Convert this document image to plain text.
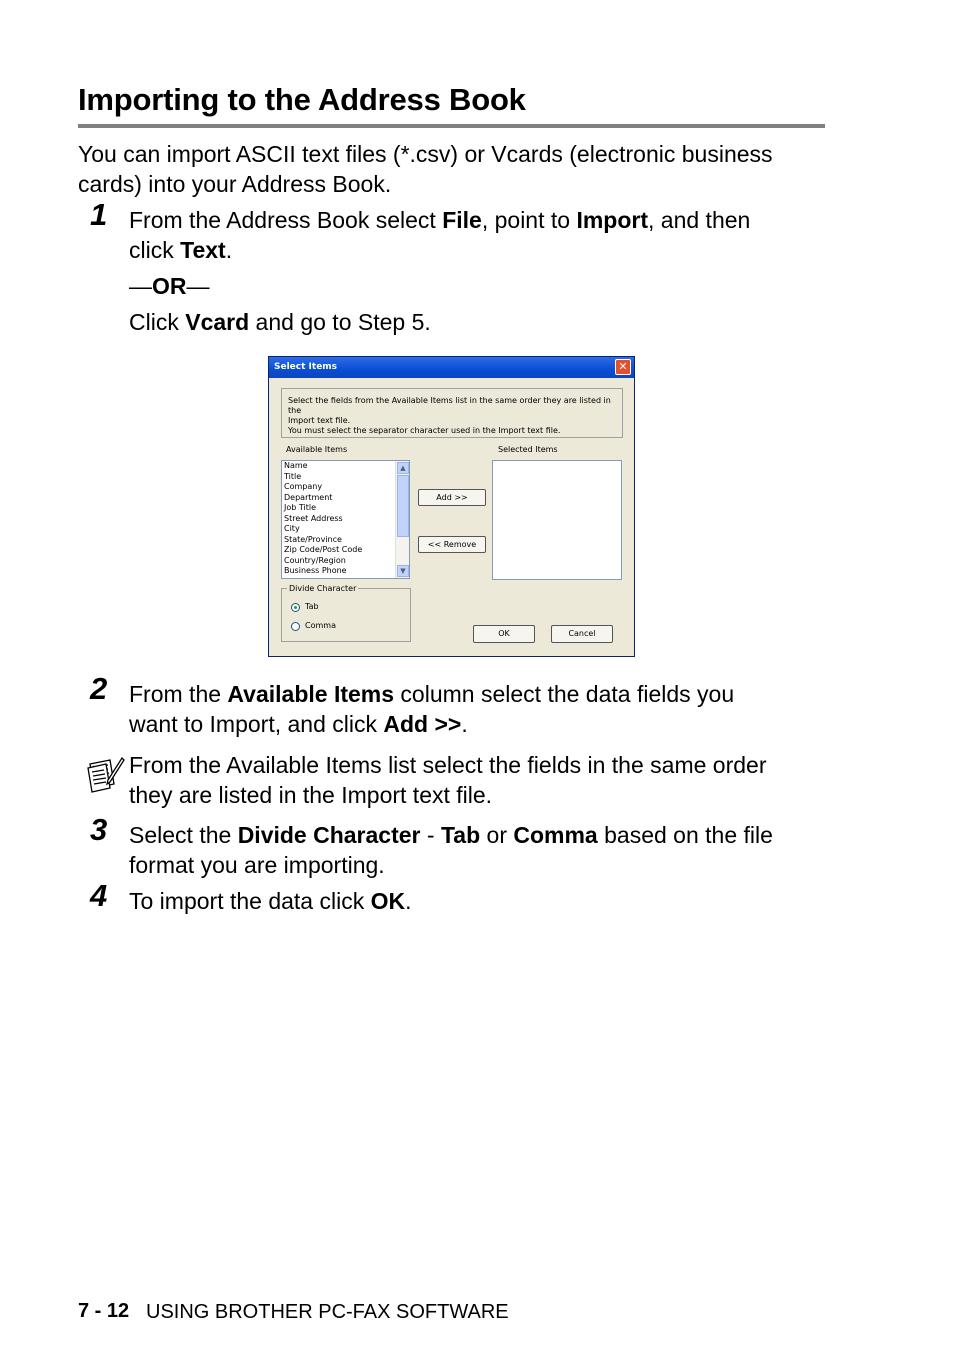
Importing to the Address Book
You can import ASCII text files (*.csv) or Vcards (electronic business
cards) into your Address Book.
1 From the Address Book select File, point to Import, and then
click Text.
—OR—
Click Vcard and go to Step 5.
Select Items	✕
Select the fields from the Available Items list in the same order they are listed in the
Import text file.
You must select the separator character used in the Import text file.
Available Items	Selected Items
Name
Title
Company
Department
Job Title
Street Address
City
State/Province
Zip Code/Post Code
Country/Region
Business Phone
▲
▼
Add >>
<< Remove
Divide Character
Tab
Comma
OK	Cancel
2 From the Available Items column select the data fields you
want to Import, and click Add >>.
From the Available Items list select the fields in the same order
they are listed in the Import text file.
3 Select the Divide Character - Tab or Comma based on the file
format you are importing.
4 To import the data click OK.
7 - 12 USING BROTHER PC-FAX SOFTWARE
